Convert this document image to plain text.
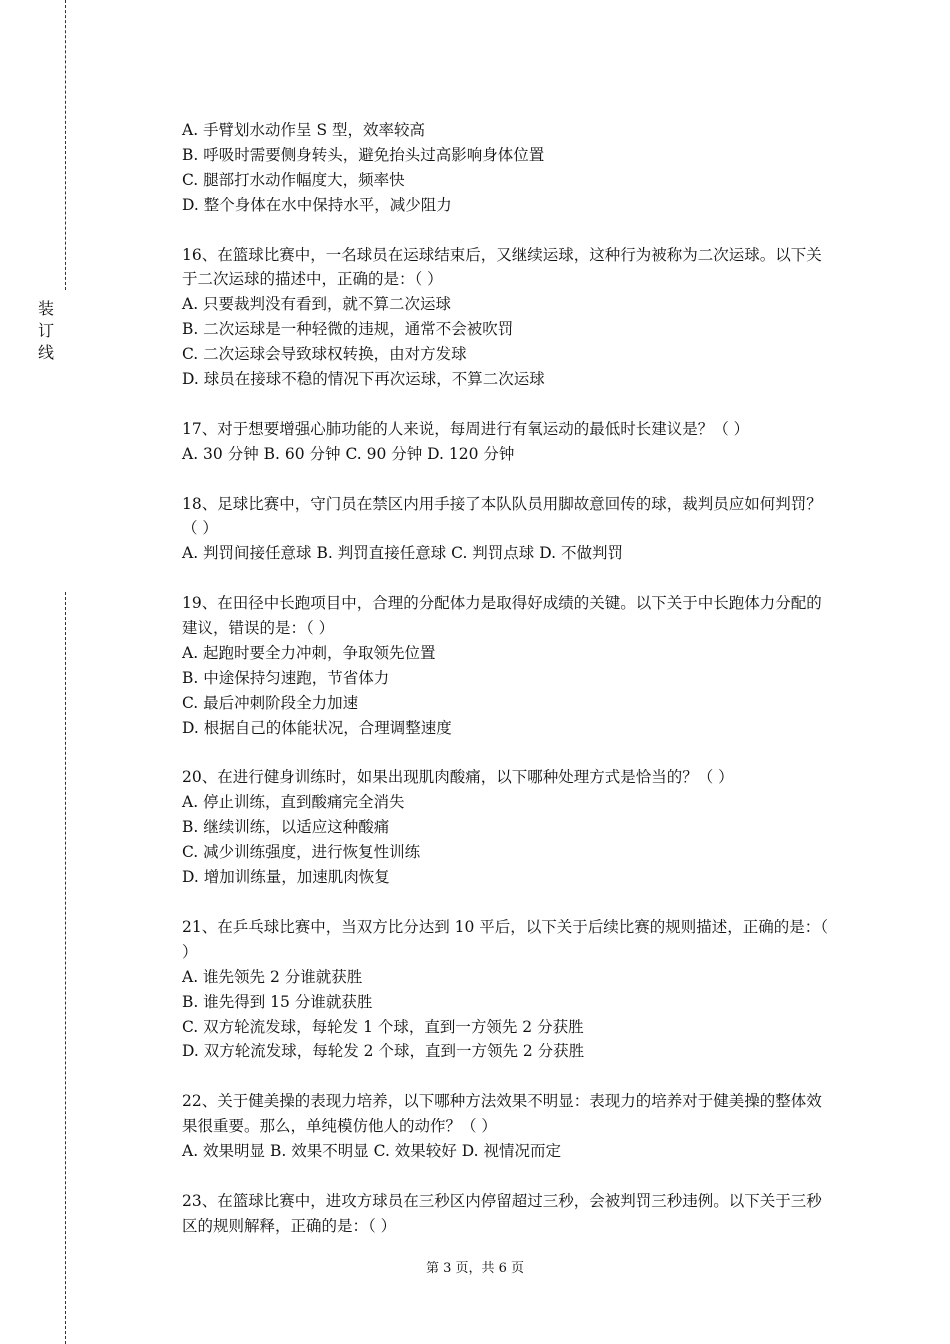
装
订
线
A. 手臂划水动作呈 S 型，效率较高
B. 呼吸时需要侧身转头，避免抬头过高影响身体位置
C. 腿部打水动作幅度大，频率快
D. 整个身体在水中保持水平，减少阻力
16、在篮球比赛中，一名球员在运球结束后，又继续运球，这种行为被称为二次运球。以下关于二次运球的描述中，正确的是：（ ）
A. 只要裁判没有看到，就不算二次运球
B. 二次运球是一种轻微的违规，通常不会被吹罚
C. 二次运球会导致球权转换，由对方发球
D. 球员在接球不稳的情况下再次运球，不算二次运球
17、对于想要增强心肺功能的人来说，每周进行有氧运动的最低时长建议是？（ ）
A. 30 分钟 B. 60 分钟 C. 90 分钟 D. 120 分钟
18、足球比赛中，守门员在禁区内用手接了本队队员用脚故意回传的球，裁判员应如何判罚？（ ）
A. 判罚间接任意球 B. 判罚直接任意球 C. 判罚点球 D. 不做判罚
19、在田径中长跑项目中，合理的分配体力是取得好成绩的关键。以下关于中长跑体力分配的建议，错误的是：（ ）
A. 起跑时要全力冲刺，争取领先位置
B. 中途保持匀速跑，节省体力
C. 最后冲刺阶段全力加速
D. 根据自己的体能状况，合理调整速度
20、在进行健身训练时，如果出现肌肉酸痛，以下哪种处理方式是恰当的？（ ）
A. 停止训练，直到酸痛完全消失
B. 继续训练，以适应这种酸痛
C. 减少训练强度，进行恢复性训练
D. 增加训练量，加速肌肉恢复
21、在乒乓球比赛中，当双方比分达到 10 平后，以下关于后续比赛的规则描述，正确的是：（ ）
A. 谁先领先 2 分谁就获胜
B. 谁先得到 15 分谁就获胜
C. 双方轮流发球，每轮发 1 个球，直到一方领先 2 分获胜
D. 双方轮流发球，每轮发 2 个球，直到一方领先 2 分获胜
22、关于健美操的表现力培养，以下哪种方法效果不明显：表现力的培养对于健美操的整体效果很重要。那么，单纯模仿他人的动作？（ ）
A. 效果明显 B. 效果不明显 C. 效果较好 D. 视情况而定
23、在篮球比赛中，进攻方球员在三秒区内停留超过三秒，会被判罚三秒违例。以下关于三秒区的规则解释，正确的是：（ ）
第 3 页，共 6 页
